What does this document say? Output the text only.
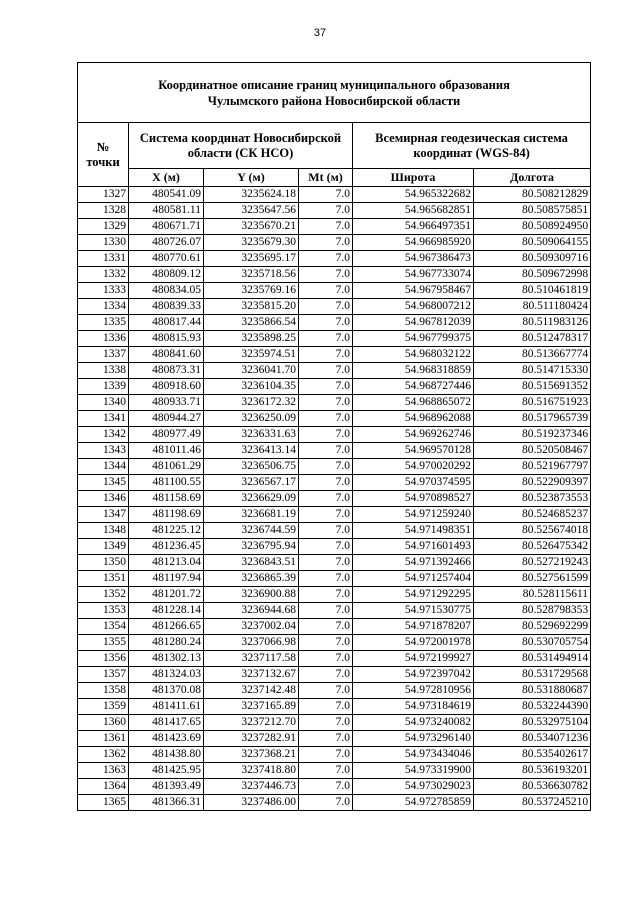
37
Координатное описание границ муниципального образования
Чулымского района Новосибирской области					

№
точки	Система координат Новосибирской области (СК НСО)			Всемирная геодезическая система координат (WGS-84)	
	X (м)	Y (м)	Mt (м)	Широта	Долгота
1327	480541.09	3235624.18	7.0	54.965322682	80.508212829
1328	480581.11	3235647.56	7.0	54.965682851	80.508575851
1329	480671.71	3235670.21	7.0	54.966497351	80.508924950
1330	480726.07	3235679.30	7.0	54.966985920	80.509064155
1331	480770.61	3235695.17	7.0	54.967386473	80.509309716
1332	480809.12	3235718.56	7.0	54.967733074	80.509672998
1333	480834.05	3235769.16	7.0	54.967958467	80.510461819
1334	480839.33	3235815.20	7.0	54.968007212	80.511180424
1335	480817.44	3235866.54	7.0	54.967812039	80.511983126
1336	480815.93	3235898.25	7.0	54.967799375	80.512478317
1337	480841.60	3235974.51	7.0	54.968032122	80.513667774
1338	480873.31	3236041.70	7.0	54.968318859	80.514715330
1339	480918.60	3236104.35	7.0	54.968727446	80.515691352
1340	480933.71	3236172.32	7.0	54.968865072	80.516751923
1341	480944.27	3236250.09	7.0	54.968962088	80.517965739
1342	480977.49	3236331.63	7.0	54.969262746	80.519237346
1343	481011.46	3236413.14	7.0	54.969570128	80.520508467
1344	481061.29	3236506.75	7.0	54.970020292	80.521967797
1345	481100.55	3236567.17	7.0	54.970374595	80.522909397
1346	481158.69	3236629.09	7.0	54.970898527	80.523873553
1347	481198.69	3236681.19	7.0	54.971259240	80.524685237
1348	481225.12	3236744.59	7.0	54.971498351	80.525674018
1349	481236.45	3236795.94	7.0	54.971601493	80.526475342
1350	481213.04	3236843.51	7.0	54.971392466	80.527219243
1351	481197.94	3236865.39	7.0	54.971257404	80.527561599
1352	481201.72	3236900.88	7.0	54.971292295	80.528115611
1353	481228.14	3236944.68	7.0	54.971530775	80.528798353
1354	481266.65	3237002.04	7.0	54.971878207	80.529692299
1355	481280.24	3237066.98	7.0	54.972001978	80.530705754
1356	481302.13	3237117.58	7.0	54.972199927	80.531494914
1357	481324.03	3237132.67	7.0	54.972397042	80.531729568
1358	481370.08	3237142.48	7.0	54.972810956	80.531880687
1359	481411.61	3237165.89	7.0	54.973184619	80.532244390
1360	481417.65	3237212.70	7.0	54.973240082	80.532975104
1361	481423.69	3237282.91	7.0	54.973296140	80.534071236
1362	481438.80	3237368.21	7.0	54.973434046	80.535402617
1363	481425.95	3237418.80	7.0	54.973319900	80.536193201
1364	481393.49	3237446.73	7.0	54.973029023	80.536630782
1365	481366.31	3237486.00	7.0	54.972785859	80.537245210
